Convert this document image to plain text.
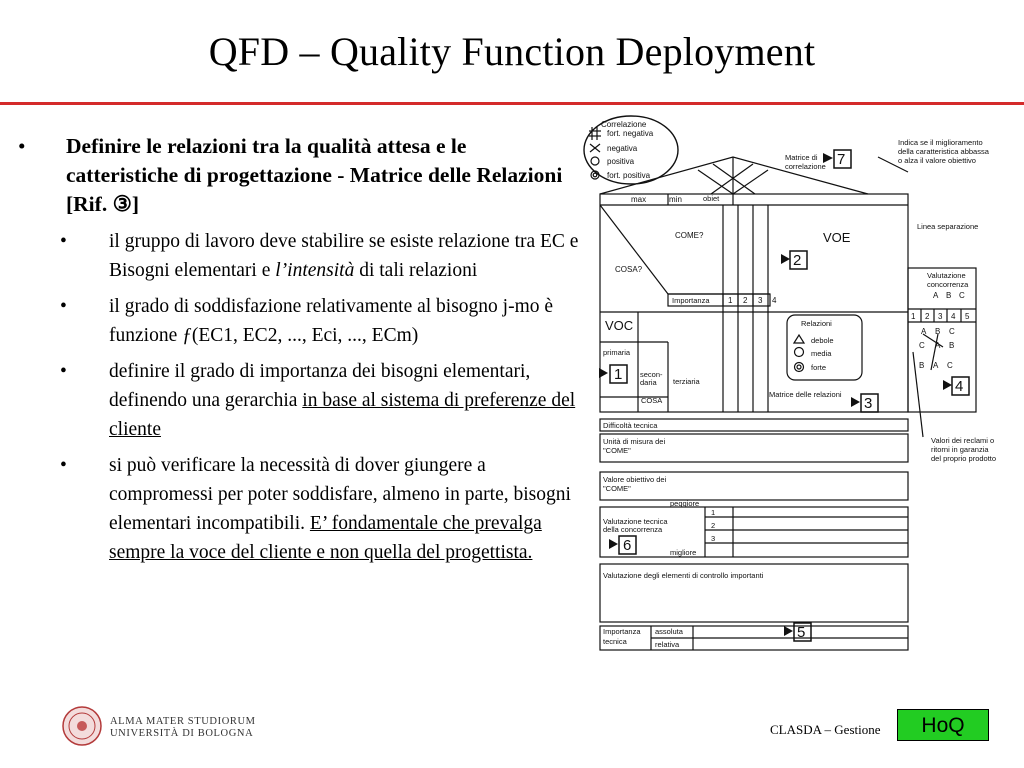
QFD – Quality Function Deployment
• Definire le relazioni tra la qualità attesa e le catteristiche di progettazione - Matrice delle Relazioni [Rif. ③]
• il gruppo di lavoro deve stabilire se esiste relazione tra EC e Bisogni elementari e l’intensità di tali relazioni
• il grado di soddisfazione relativamente al bisogno j-mo è funzione ƒ(EC1, EC2, ..., Eci, ..., ECm)
• definire il grado di importanza dei bisogni elementari, definendo una gerarchia in base al sistema di preferenze del cliente
• si può verificare la necessità di dover giungere a compromessi per poter soddisfare, almeno in parte, bisogni elementari incompatibili. E’ fondamentale che prevalga sempre la voce del cliente e non quella del progettista.
Correlazione
fort. negativa
negativa
positiva
fort. positiva
Matrice di
correlazione 7
Indica se il miglioramento
della caratteristica abbassa
o alza il valore obiettivo
max	min	obiet
COME?
COSA?
VOE
2
Linea separazione
Importanza 1 2 3 4
Valutazione
concorrenza
A B C
1 2 3 4 5
A B C
C A B
B A C
VOC
primaria
secon-
daria terziaria
COSA
1
Relazioni
debole
media
forte
Matrice delle relazioni
3
4
Difficoltà tecnica
Unità di misura dei
"COME"
Valore obiettivo dei
"COME"
peggiore
1
2
3
Valutazione tecnica
della concorrenza
migliore
6
Valori dei reclami o
ritorni in garanzia
del proprio prodotto
Valutazione degli elementi di controllo importanti
Importanza
tecnica
assoluta
relativa
5
ALMA MATER STUDIORUM
UNIVERSITÀ DI BOLOGNA	CLASDA – Gestione	HoQ
